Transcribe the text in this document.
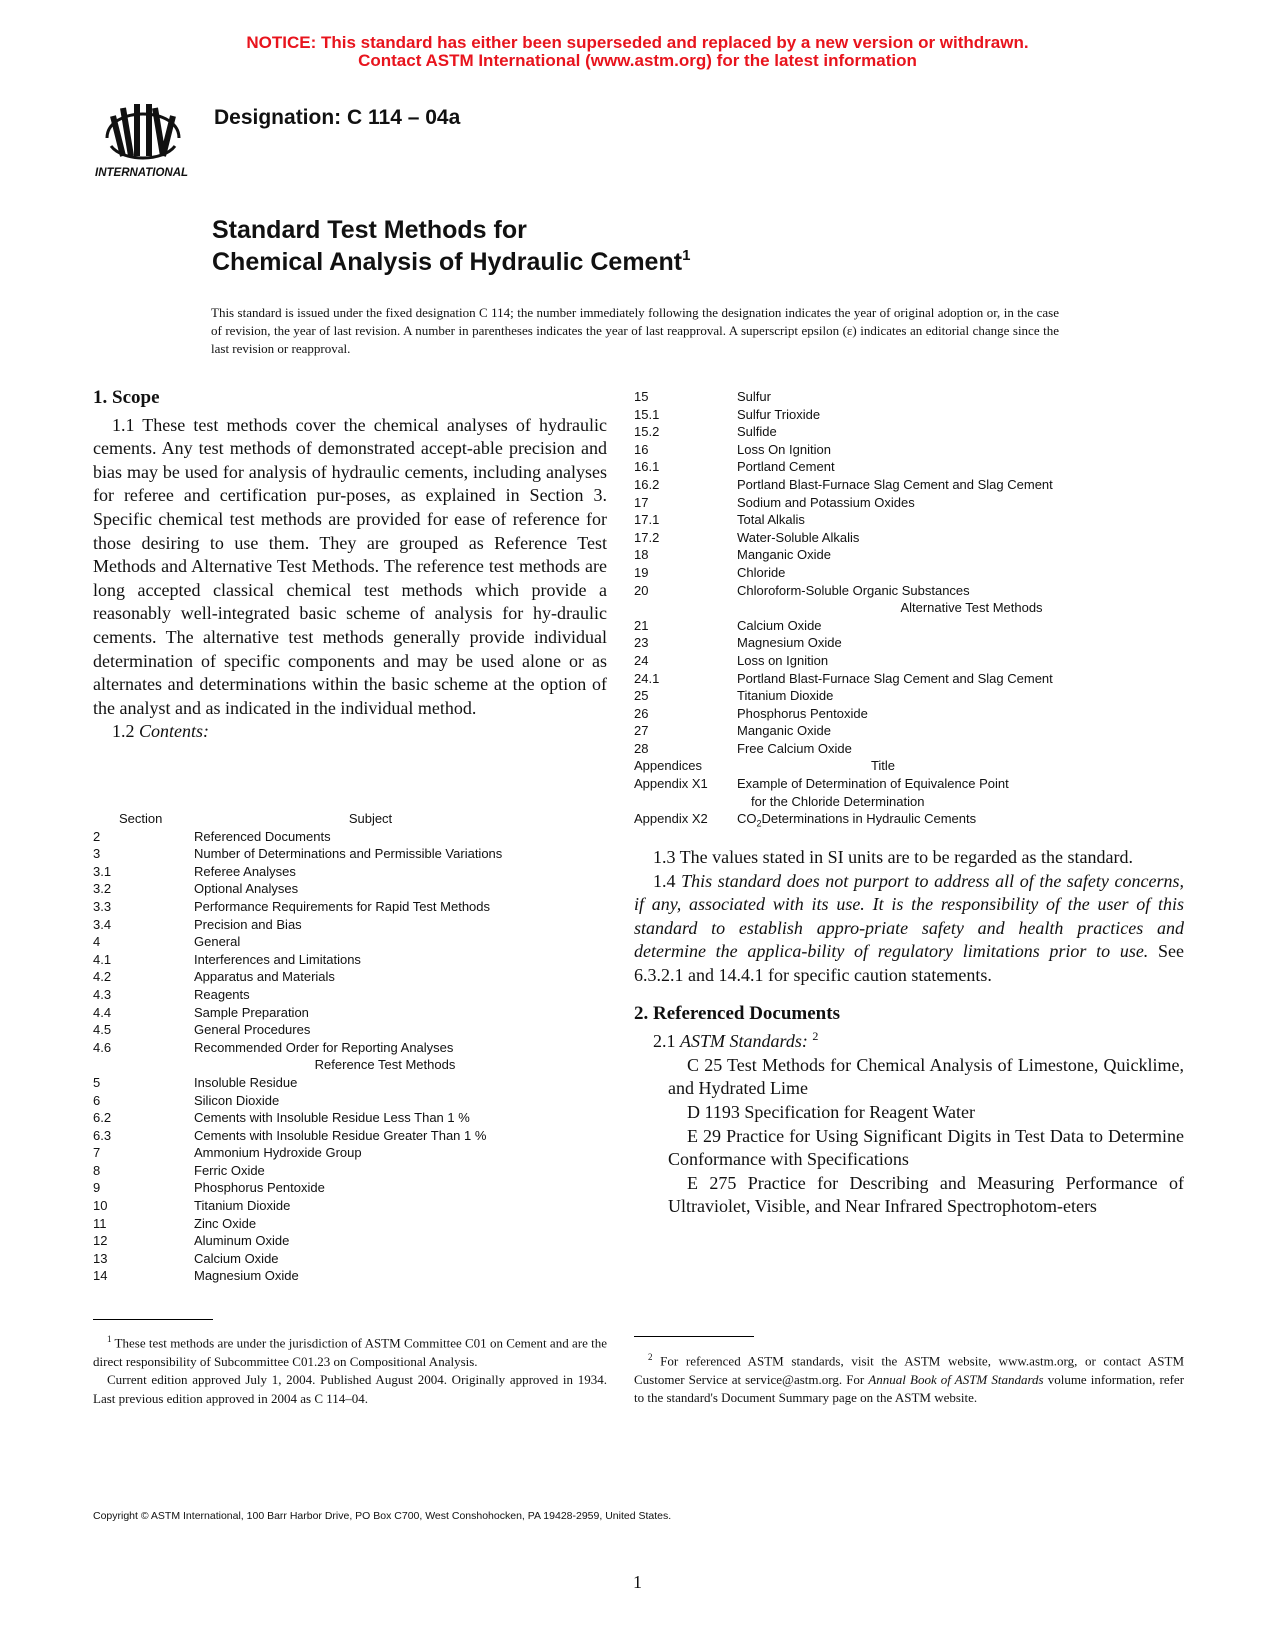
NOTICE: This standard has either been superseded and replaced by a new version or withdrawn.
Contact ASTM International (www.astm.org) for the latest information
INTERNATIONAL
Designation: C 114 – 04a
Standard Test Methods for
Chemical Analysis of Hydraulic Cement$^1$
This standard is issued under the fixed designation C 114; the number immediately following the designation indicates the year of original adoption or, in the case of revision, the year of last revision. A number in parentheses indicates the year of last reapproval. A superscript epsilon (ε) indicates an editorial change since the last revision or reapproval.
1. Scope

1.1 These test methods cover the chemical analyses of hydraulic cements. Any test methods of demonstrated accept-able precision and bias may be used for analysis of hydraulic cements, including analyses for referee and certification pur-poses, as explained in Section 3. Specific chemical test methods are provided for ease of reference for those desiring to use them. They are grouped as Reference Test Methods and Alternative Test Methods. The reference test methods are long accepted classical chemical test methods which provide a reasonably well-integrated basic scheme of analysis for hy-draulic cements. The alternative test methods generally provide individual determination of specific components and may be used alone or as alternates and determinations within the basic scheme at the option of the analyst and as indicated in the individual method.

1.2 Contents:

Section	Subject
2	Referenced Documents
3	Number of Determinations and Permissible Variations
3.1	Referee Analyses
3.2	Optional Analyses
3.3	Performance Requirements for Rapid Test Methods
3.4	Precision and Bias
4	General
4.1	Interferences and Limitations
4.2	Apparatus and Materials
4.3	Reagents
4.4	Sample Preparation
4.5	General Procedures
4.6	Recommended Order for Reporting Analyses
Reference Test Methods
5	Insoluble Residue
6	Silicon Dioxide
6.2	Cements with Insoluble Residue Less Than 1 %
6.3	Cements with Insoluble Residue Greater Than 1 %
7	Ammonium Hydroxide Group
8	Ferric Oxide
9	Phosphorus Pentoxide
10	Titanium Dioxide
11	Zinc Oxide
12	Aluminum Oxide
13	Calcium Oxide
14	Magnesium Oxide
15	Sulfur
15.1	Sulfur Trioxide
15.2	Sulfide
16	Loss On Ignition
16.1	Portland Cement
16.2	Portland Blast-Furnace Slag Cement and Slag Cement
17	Sodium and Potassium Oxides
17.1	Total Alkalis
17.2	Water-Soluble Alkalis
18	Manganic Oxide
19	Chloride
20	Chloroform-Soluble Organic Substances
Alternative Test Methods
21	Calcium Oxide
23	Magnesium Oxide
24	Loss on Ignition
24.1	Portland Blast-Furnace Slag Cement and Slag Cement
25	Titanium Dioxide
26	Phosphorus Pentoxide
27	Manganic Oxide
28	Free Calcium Oxide
Appendices	Title
Appendix X1	Example of Determination of Equivalence Point
for the Chloride Determination
Appendix X2	$CO_2Determinations$ in Hydraulic Cements

1.3 The values stated in SI units are to be regarded as the standard.

1.4 This standard does not purport to address all of the safety concerns, if any, associated with its use. It is the responsibility of the user of this standard to establish appro-priate safety and health practices and determine the applica-bility of regulatory limitations prior to use. See 6.3.2.1 and 14.4.1 for specific caution statements.

2. Referenced Documents

2.1 ASTM Standards: $^2$

C 25 Test Methods for Chemical Analysis of Limestone, Quicklime, and Hydrated Lime

D 1193 Specification for Reagent Water

E 29 Practice for Using Significant Digits in Test Data to Determine Conformance with Specifications

E 275 Practice for Describing and Measuring Performance of Ultraviolet, Visible, and Near Infrared Spectrophotom-eters

$^1$ These test methods are under the jurisdiction of ASTM Committee C01 on Cement and are the direct responsibility of Subcommittee C01.23 on Compositional Analysis.

Current edition approved July 1, 2004. Published August 2004. Originally approved in 1934. Last previous edition approved in 2004 as C 114–04.

$^2$ For referenced ASTM standards, visit the ASTM website, www.astm.org, or contact ASTM Customer Service at service@astm.org. For Annual Book of ASTM Standards volume information, refer to the standard's Document Summary page on the ASTM website.

Copyright © ASTM International, 100 Barr Harbor Drive, PO Box C700, West Conshohocken, PA 19428-2959, United States.
1
